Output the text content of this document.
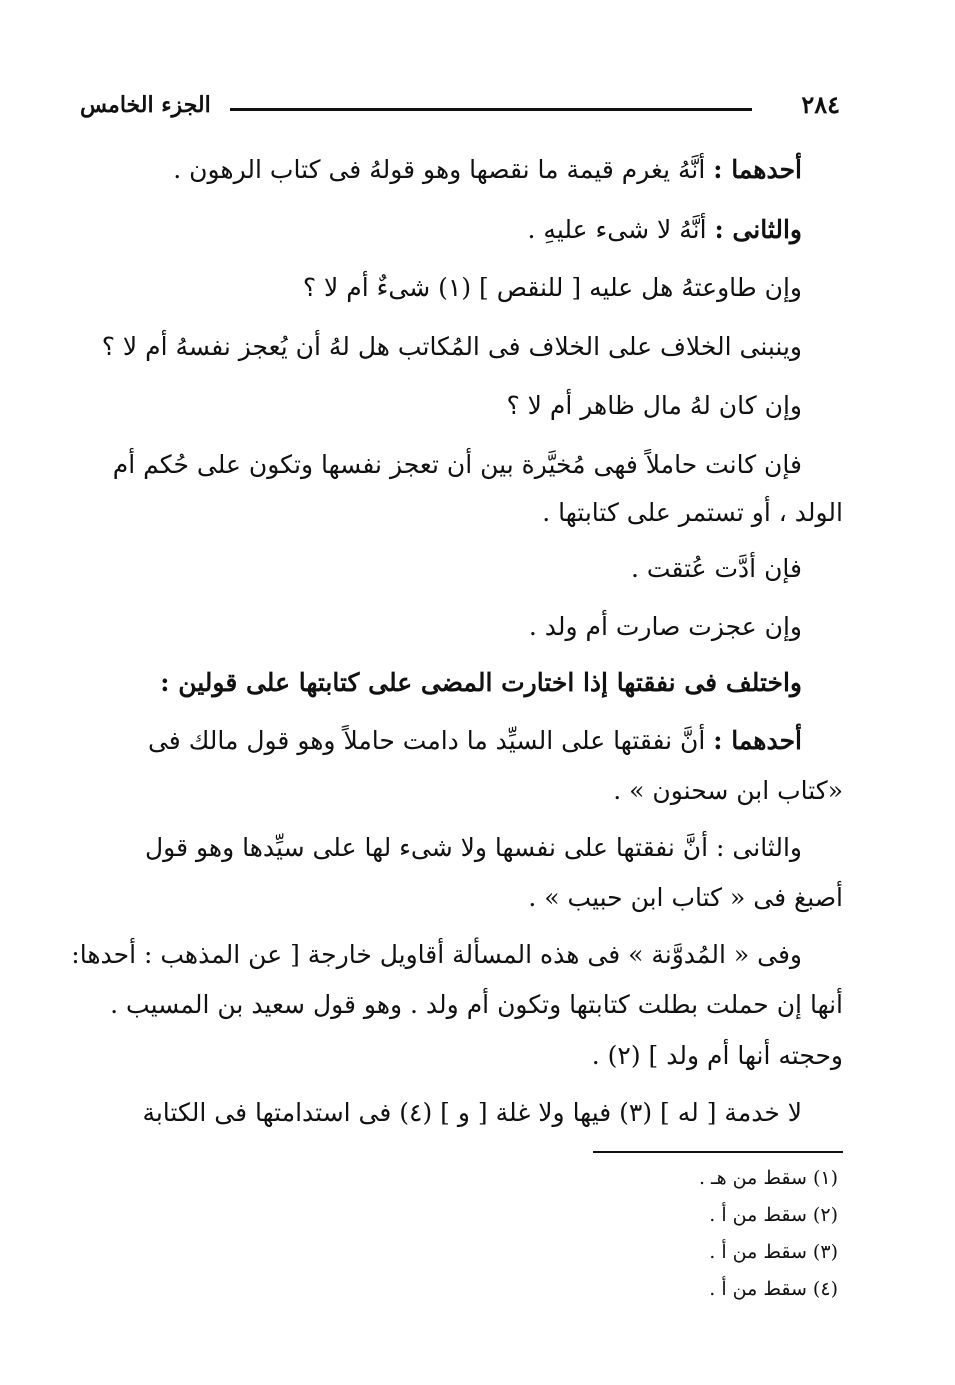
الجزء الخامس	٢٨٤
أحدهما : أنَّهُ يغرم قيمة ما نقصها وهو قولهُ فى كتاب الرهون .
والثانى : أنَّهُ لا شىء عليهِ .
وإن طاوعتهُ هل عليه [ للنقص ] (١) شىءٌ أم لا ؟
وينبنى الخلاف على الخلاف فى المُكاتب هل لهُ أن يُعجز نفسهُ أم لا ؟
وإن كان لهُ مال ظاهر أم لا ؟
فإن كانت حاملاً فهى مُخيَّرة بين أن تعجز نفسها وتكون على حُكم أم
الولد ، أو تستمر على كتابتها .
فإن أدَّت عُتقت .
وإن عجزت صارت أم ولد .
واختلف فى نفقتها إذا اختارت المضى على كتابتها على قولين :
أحدهما : أنَّ نفقتها على السيِّد ما دامت حاملاً وهو قول مالك فى
«كتاب ابن سحنون » .
والثانى : أنَّ نفقتها على نفسها ولا شىء لها على سيِّدها وهو قول
أصبغ فى « كتاب ابن حبيب » .
وفى « المُدوَّنة » فى هذه المسألة أقاويل خارجة [ عن المذهب : أحدها:
أنها إن حملت بطلت كتابتها وتكون أم ولد . وهو قول سعيد بن المسيب .
وحجته أنها أم ولد ] (٢) .
لا خدمة [ له ] (٣) فيها ولا غلة [ و ] (٤) فى استدامتها فى الكتابة
(١) سقط من هـ .
(٢) سقط من أ .
(٣) سقط من أ .
(٤) سقط من أ .
